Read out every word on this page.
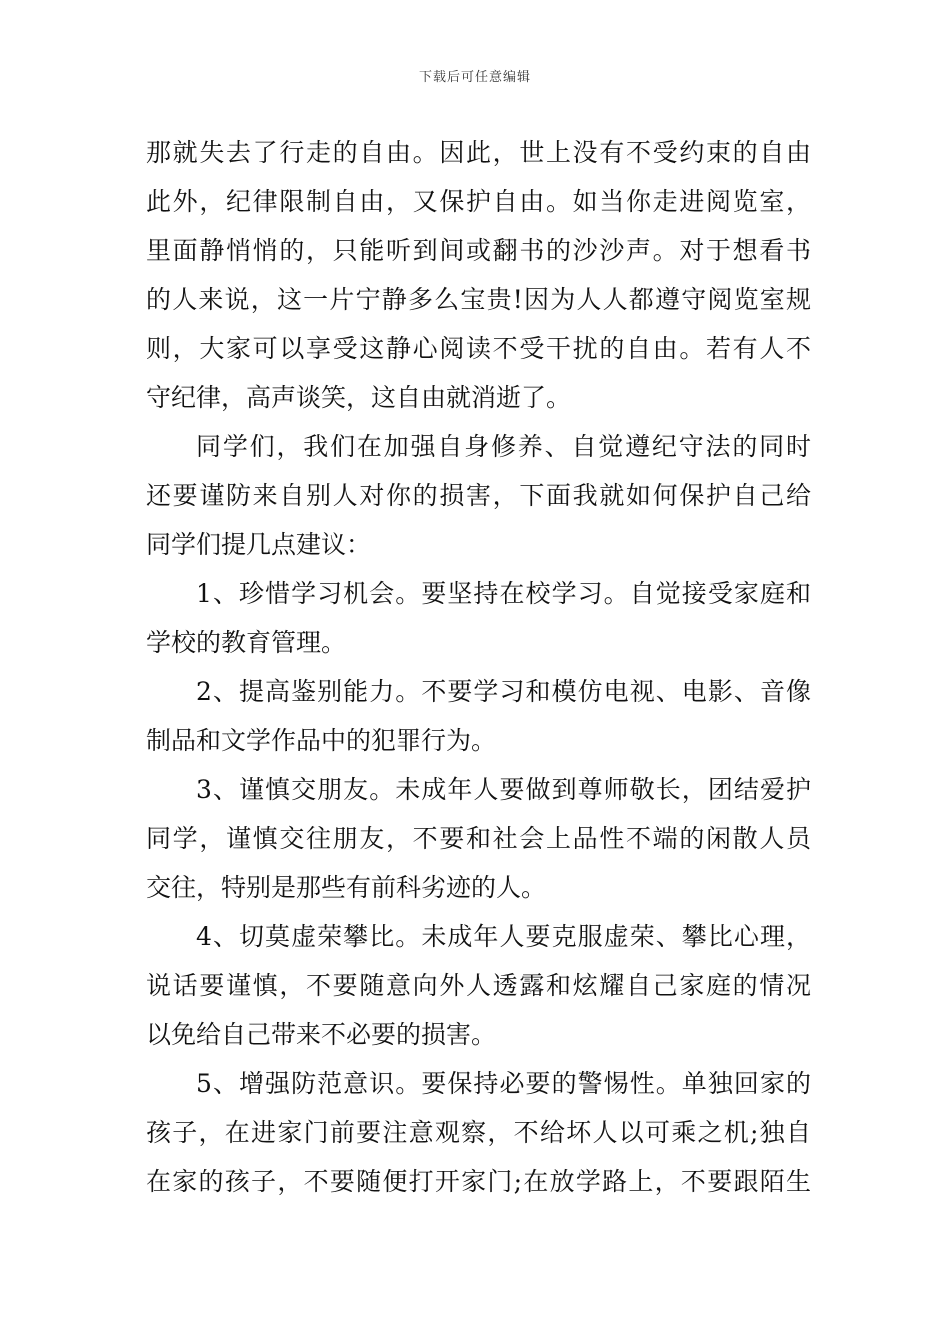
下载后可任意编辑
那就失去了行走的自由。因此，世上没有不受约束的自由
此外，纪律限制自由，又保护自由。如当你走进阅览室，
里面静悄悄的，只能听到间或翻书的沙沙声。对于想看书
的人来说，这一片宁静多么宝贵!因为人人都遵守阅览室规
则，大家可以享受这静心阅读不受干扰的自由。若有人不
守纪律，高声谈笑，这自由就消逝了。
同学们，我们在加强自身修养、自觉遵纪守法的同时
还要谨防来自别人对你的损害，下面我就如何保护自己给
同学们提几点建议：
1、珍惜学习机会。要坚持在校学习。自觉接受家庭和
学校的教育管理。
2、提高鉴别能力。不要学习和模仿电视、电影、音像
制品和文学作品中的犯罪行为。
3、谨慎交朋友。未成年人要做到尊师敬长，团结爱护
同学，谨慎交往朋友，不要和社会上品性不端的闲散人员
交往，特别是那些有前科劣迹的人。
4、切莫虚荣攀比。未成年人要克服虚荣、攀比心理，
说话要谨慎，不要随意向外人透露和炫耀自己家庭的情况
以免给自己带来不必要的损害。
5、增强防范意识。要保持必要的警惕性。单独回家的
孩子，在进家门前要注意观察，不给坏人以可乘之机;独自
在家的孩子，不要随便打开家门;在放学路上，不要跟陌生
